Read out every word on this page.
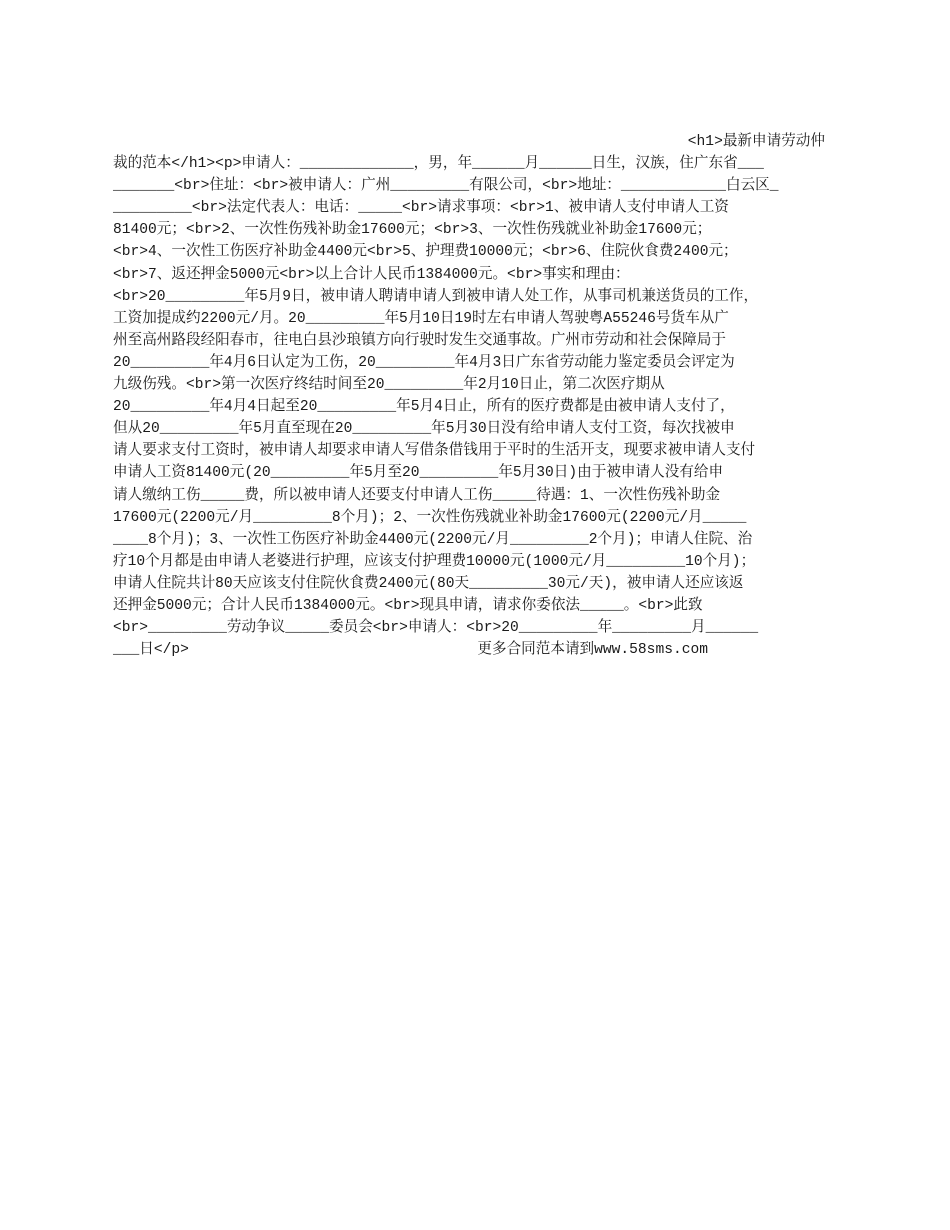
<h1>最新申请劳动仲
裁的范本</h1><p>申请人：_____________，男，年______月______日生，汉族，住广东省___
_______<br>住址：<br>被申请人：广州_________有限公司，<br>地址：____________白云区_
_________<br>法定代表人：电话：_____<br>请求事项：<br>1、被申请人支付申请人工资
81400元；<br>2、一次性伤残补助金17600元；<br>3、一次性伤残就业补助金17600元；
<br>4、一次性工伤医疗补助金4400元<br>5、护理费10000元；<br>6、住院伙食费2400元；
<br>7、返还押金5000元<br>以上合计人民币1384000元。<br>事实和理由：
<br>20_________年5月9日，被申请人聘请申请人到被申请人处工作，从事司机兼送货员的工作，
工资加提成约2200元/月。20_________年5月10日19时左右申请人驾驶粤A55246号货车从广
州至高州路段经阳春市，往电白县沙琅镇方向行驶时发生交通事故。广州市劳动和社会保障局于
20_________年4月6日认定为工伤，20_________年4月3日广东省劳动能力鉴定委员会评定为
九级伤残。<br>第一次医疗终结时间至20_________年2月10日止，第二次医疗期从
20_________年4月4日起至20_________年5月4日止，所有的医疗费都是由被申请人支付了，
但从20_________年5月直至现在20_________年5月30日没有给申请人支付工资，每次找被申
请人要求支付工资时，被申请人却要求申请人写借条借钱用于平时的生活开支，现要求被申请人支付
申请人工资81400元(20_________年5月至20_________年5月30日)由于被申请人没有给申
请人缴纳工伤_____费，所以被申请人还要支付申请人工伤_____待遇：1、一次性伤残补助金
17600元(2200元/月_________8个月)；2、一次性伤残就业补助金17600元(2200元/月_____
____8个月)；3、一次性工伤医疗补助金4400元(2200元/月_________2个月)；申请人住院、治
疗10个月都是由申请人老婆进行护理，应该支付护理费10000元(1000元/月_________10个月)；
申请人住院共计80天应该支付住院伙食费2400元(80天_________30元/天)，被申请人还应该返
还押金5000元；合计人民币1384000元。<br>现具申请，请求你委依法_____。<br>此致
<br>_________劳动争议_____委员会<br>申请人：<br>20_________年_________月______
___日</p>	更多合同范本请到www.58sms.com
